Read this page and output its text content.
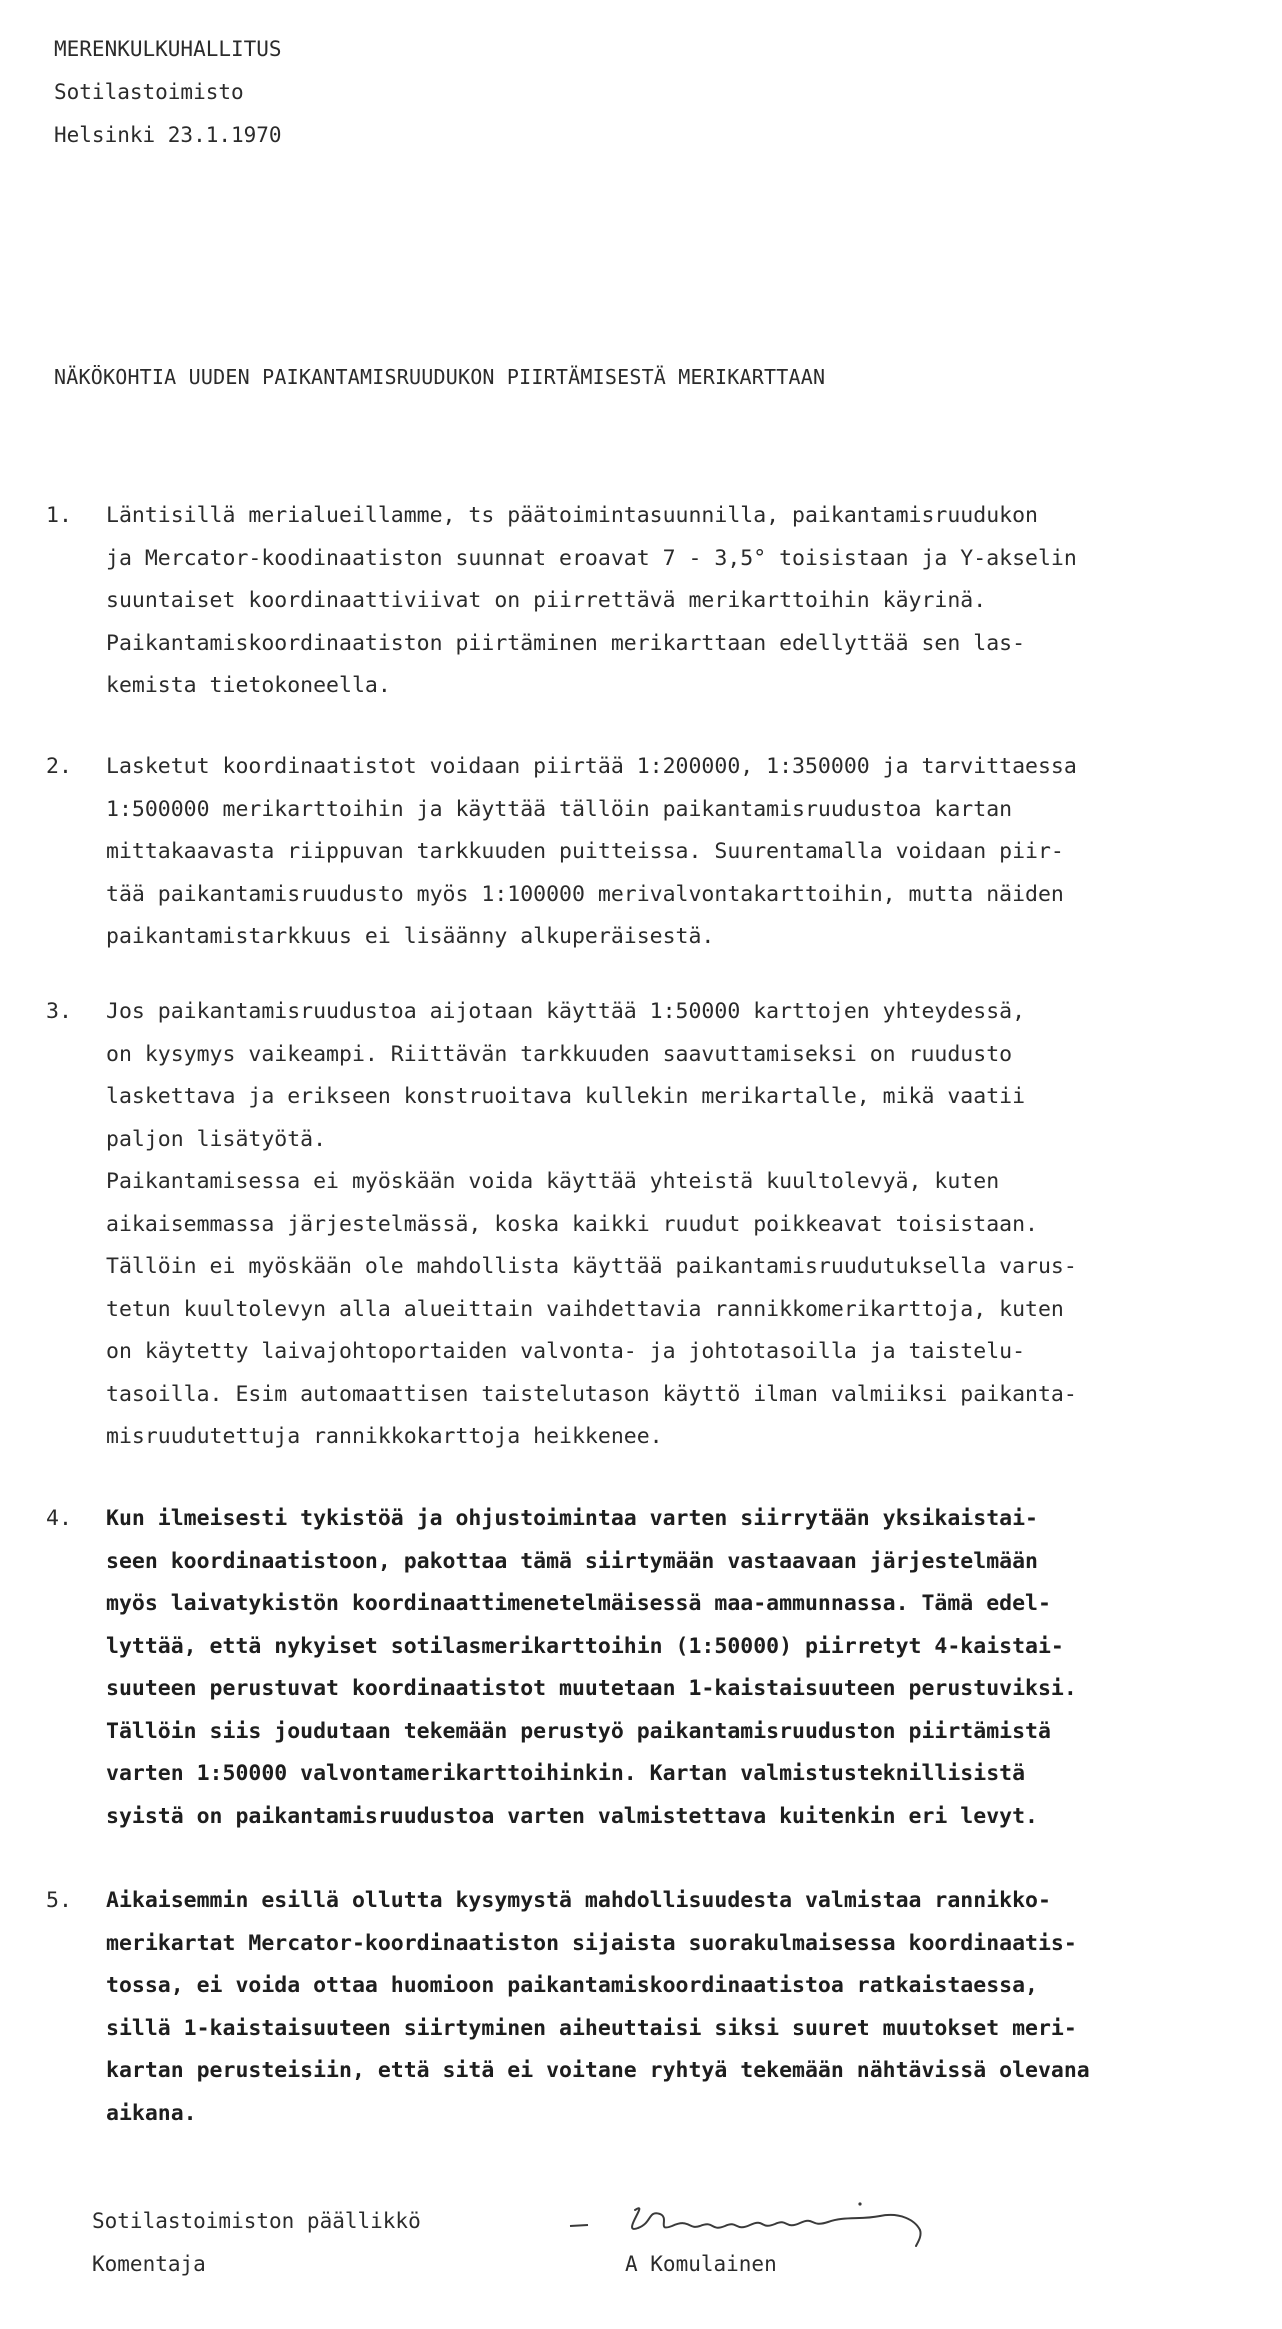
MERENKULKUHALLITUS
Sotilastoimisto
Helsinki 23.1.1970
NÄKÖKOHTIA UUDEN PAIKANTAMISRUUDUKON PIIRTÄMISESTÄ MERIKARTTAAN
1. Läntisillä merialueillamme, ts päätoimintasuunnilla, paikantamisruudukon
ja Mercator-koodinaatiston suunnat eroavat 7 - 3,5° toisistaan ja Y-akselin
suuntaiset koordinaattiviivat on piirrettävä merikarttoihin käyrinä.
Paikantamiskoordinaatiston piirtäminen merikarttaan edellyttää sen las-
kemista tietokoneella.
2. Lasketut koordinaatistot voidaan piirtää 1:200000, 1:350000 ja tarvittaessa
1:500000 merikarttoihin ja käyttää tällöin paikantamisruudustoa kartan
mittakaavasta riippuvan tarkkuuden puitteissa. Suurentamalla voidaan piir-
tää paikantamisruudusto myös 1:100000 merivalvontakarttoihin, mutta näiden
paikantamistarkkuus ei lisäänny alkuperäisestä.
3. Jos paikantamisruudustoa aijotaan käyttää 1:50000 karttojen yhteydessä,
on kysymys vaikeampi. Riittävän tarkkuuden saavuttamiseksi on ruudusto
laskettava ja erikseen konstruoitava kullekin merikartalle, mikä vaatii
paljon lisätyötä.
Paikantamisessa ei myöskään voida käyttää yhteistä kuultolevyä, kuten
aikaisemmassa järjestelmässä, koska kaikki ruudut poikkeavat toisistaan.
Tällöin ei myöskään ole mahdollista käyttää paikantamisruudutuksella varus-
tetun kuultolevyn alla alueittain vaihdettavia rannikkomerikarttoja, kuten
on käytetty laivajohtoportaiden valvonta- ja johtotasoilla ja taistelu-
tasoilla. Esim automaattisen taistelutason käyttö ilman valmiiksi paikanta-
misruudutettuja rannikkokarttoja heikkenee.
4. Kun ilmeisesti tykistöä ja ohjustoimintaa varten siirrytään yksikaistai-
seen koordinaatistoon, pakottaa tämä siirtymään vastaavaan järjestelmään
myös laivatykistön koordinaattimenetelmäisessä maa-ammunnassa. Tämä edel-
lyttää, että nykyiset sotilasmerikarttoihin (1:50000) piirretyt 4-kaistai-
suuteen perustuvat koordinaatistot muutetaan 1-kaistaisuuteen perustuviksi.
Tällöin siis joudutaan tekemään perustyö paikantamisruuduston piirtämistä
varten 1:50000 valvontamerikarttoihinkin. Kartan valmistusteknillisistä
syistä on paikantamisruudustoa varten valmistettava kuitenkin eri levyt.
5. Aikaisemmin esillä ollutta kysymystä mahdollisuudesta valmistaa rannikko-
merikartat Mercator-koordinaatiston sijaista suorakulmaisessa koordinaatis-
tossa, ei voida ottaa huomioon paikantamiskoordinaatistoa ratkaistaessa,
sillä 1-kaistaisuuteen siirtyminen aiheuttaisi siksi suuret muutokset meri-
kartan perusteisiin, että sitä ei voitane ryhtyä tekemään nähtävissä olevana
aikana.
Sotilastoimiston päällikkö
Komentaja	A Komulainen
